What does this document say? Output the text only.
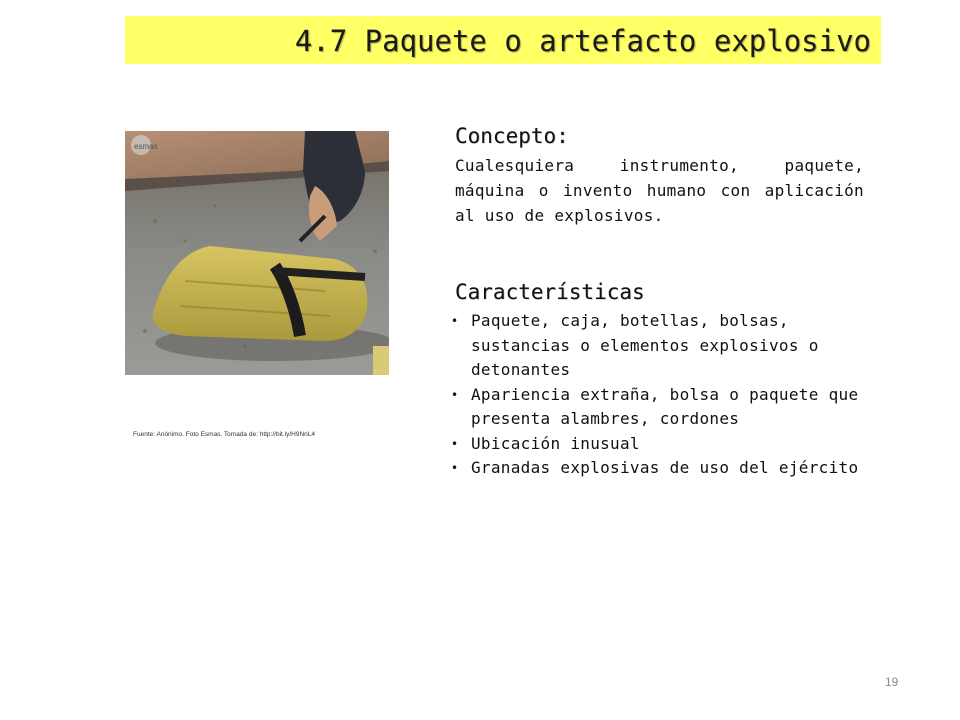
4.7 Paquete o artefacto explosivo
esmas
Fuente: Anónimo. Foto Esmas. Tomada de: http://bit.ly/H9NnL4
Concepto:
Cualesquiera instrumento, paquete, máquina o invento humano con aplicación al uso de explosivos.
Características
• Paquete, caja, botellas, bolsas, sustancias o elementos explosivos o detonantes
• Apariencia extraña, bolsa o paquete que presenta alambres, cordones
• Ubicación inusual
• Granadas explosivas de uso del ejército
19
